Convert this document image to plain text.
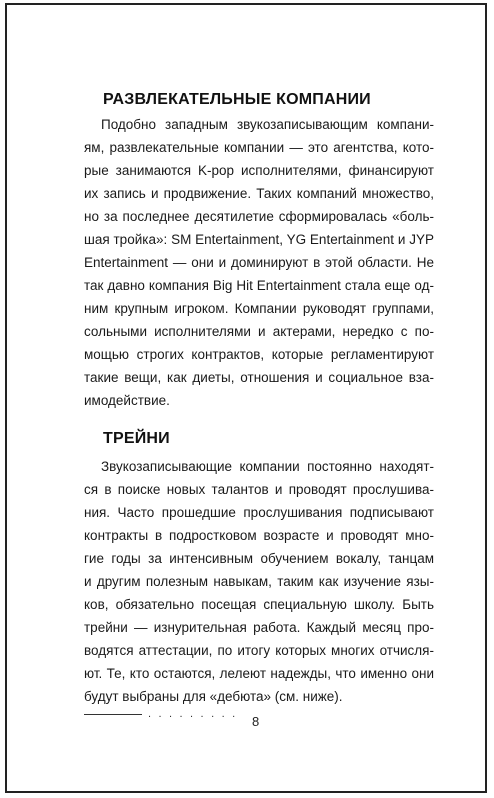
РАЗВЛЕКАТЕЛЬНЫЕ КОМПАНИИ
Подобно западным звукозаписывающим компани-
ям, развлекательные компании — это агентства, кото-
рые занимаются K-pop исполнителями, финансируют
их запись и продвижение. Таких компаний множество,
но за последнее десятилетие сформировалась «боль-
шая тройка»: SM Entertainment, YG Entertainment и JYP
Entertainment — они и доминируют в этой области. Не
так давно компания Big Hit Entertainment стала еще од-
ним крупным игроком. Компании руководят группами,
сольными исполнителями и актерами, нередко с по-
мощью строгих контрактов, которые регламентируют
такие вещи, как диеты, отношения и социальное вза-
имодействие.
ТРЕЙНИ
Звукозаписывающие компании постоянно находят-
ся в поиске новых талантов и проводят прослушива-
ния. Часто прошедшие прослушивания подписывают
контракты в подростковом возрасте и проводят мно-
гие годы за интенсивным обучением вокалу, танцам
и другим полезным навыкам, таким как изучение язы-
ков, обязательно посещая специальную школу. Быть
трейни — изнурительная работа. Каждый месяц про-
водятся аттестации, по итогу которых многих отчисля-
ют. Те, кто остаются, лелеют надежды, что именно они
будут выбраны для «дебюта» (см. ниже).
. . . . . . . . . 8
